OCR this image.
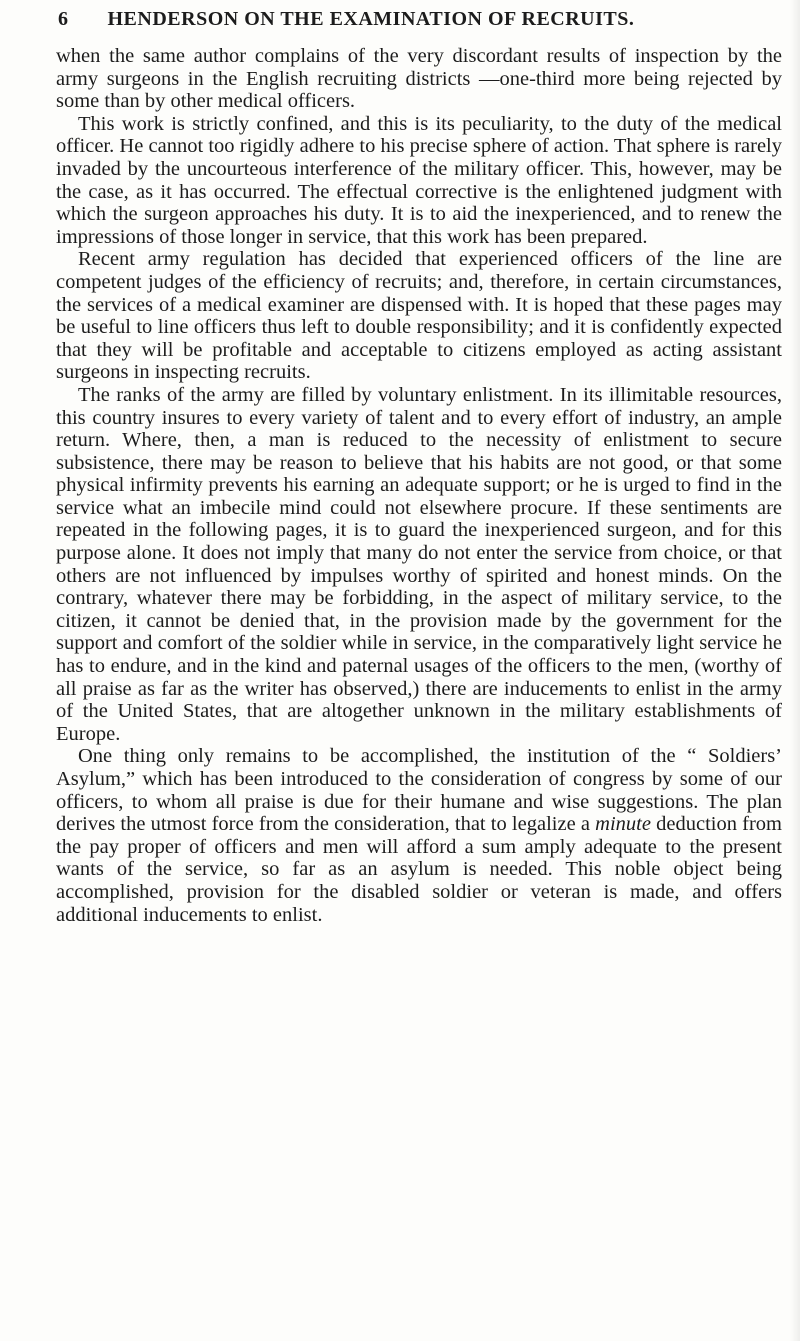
6 HENDERSON ON THE EXAMINATION OF RECRUITS.

when the same author complains of the very discordant results of inspection by the army surgeons in the English recruiting districts —one-third more being rejected by some than by other medical officers.

This work is strictly confined, and this is its peculiarity, to the duty of the medical officer. He cannot too rigidly adhere to his precise sphere of action. That sphere is rarely invaded by the uncourteous interference of the military officer. This, however, may be the case, as it has occurred. The effectual corrective is the enlightened judgment with which the surgeon approaches his duty. It is to aid the inexperienced, and to renew the impressions of those longer in service, that this work has been prepared.

Recent army regulation has decided that experienced officers of the line are competent judges of the efficiency of recruits; and, therefore, in certain circumstances, the services of a medical examiner are dispensed with. It is hoped that these pages may be useful to line officers thus left to double responsibility; and it is confidently expected that they will be profitable and acceptable to citizens employed as acting assistant surgeons in inspecting recruits.

The ranks of the army are filled by voluntary enlistment. In its illimitable resources, this country insures to every variety of talent and to every effort of industry, an ample return. Where, then, a man is reduced to the necessity of enlistment to secure subsistence, there may be reason to believe that his habits are not good, or that some physical infirmity prevents his earning an adequate support; or he is urged to find in the service what an imbecile mind could not elsewhere procure. If these sentiments are repeated in the following pages, it is to guard the inexperienced surgeon, and for this purpose alone. It does not imply that many do not enter the service from choice, or that others are not influenced by impulses worthy of spirited and honest minds. On the contrary, whatever there may be forbidding, in the aspect of military service, to the citizen, it cannot be denied that, in the provision made by the government for the support and comfort of the soldier while in service, in the comparatively light service he has to endure, and in the kind and paternal usages of the officers to the men, (worthy of all praise as far as the writer has observed,) there are inducements to enlist in the army of the United States, that are altogether unknown in the military establishments of Europe.

One thing only remains to be accomplished, the institution of the “ Soldiers’ Asylum,” which has been introduced to the consideration of congress by some of our officers, to whom all praise is due for their humane and wise suggestions. The plan derives the utmost force from the consideration, that to legalize a minute deduction from the pay proper of officers and men will afford a sum amply adequate to the present wants of the service, so far as an asylum is needed. This noble object being accomplished, provision for the disabled soldier or veteran is made, and offers additional inducements to enlist.
